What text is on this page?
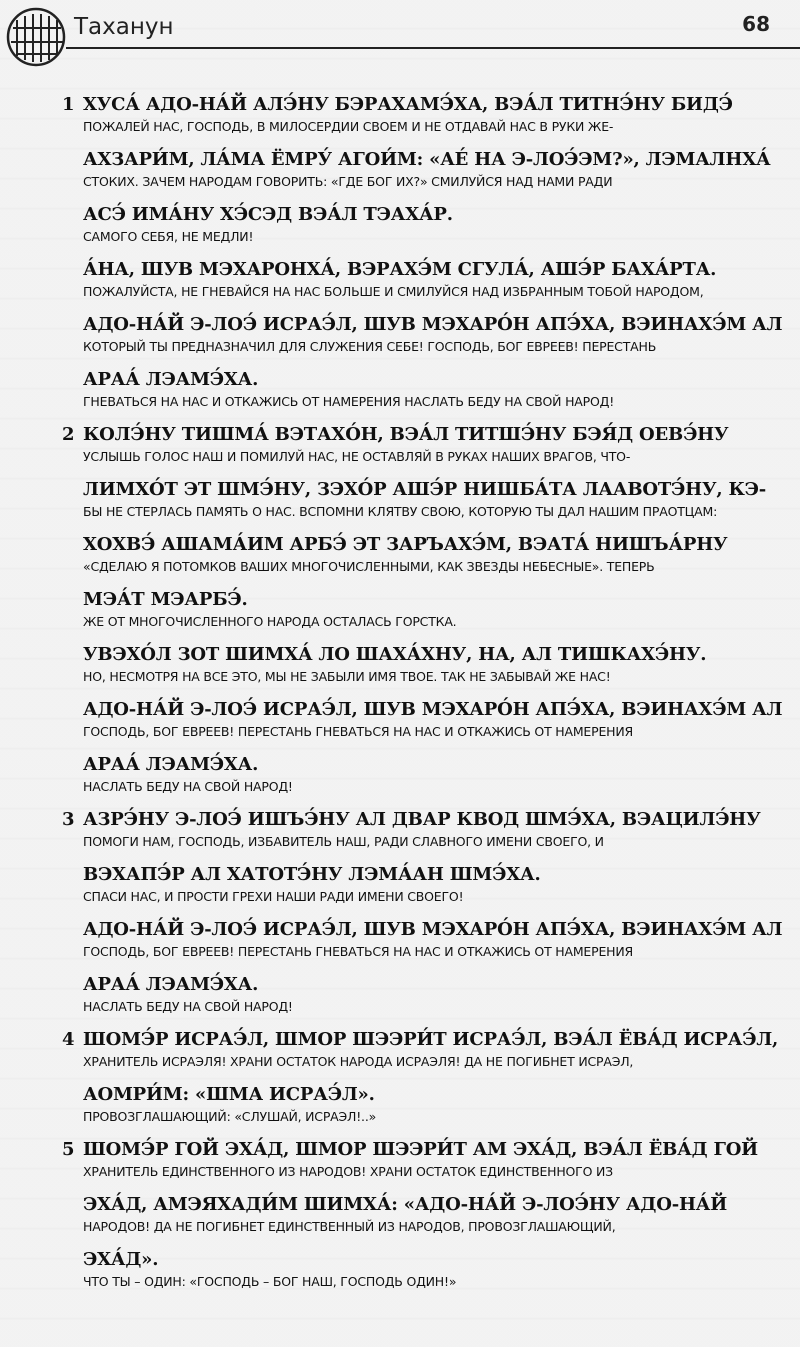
Таханун	68
1 ХУСА́ АДО-НА́Й АЛЭ́НУ БЭРАХАМЭ́ХА, ВЭА́Л ТИТНЭ́НУ БИДЭ́
ПОЖАЛЕЙ НАС, ГОСПОДЬ, В МИЛОСЕРДИИ СВОЕМ И НЕ ОТДАВАЙ НАС В РУКИ ЖЕ-
АХЗАРИ́М, ЛА́МА ЁМРУ́ АГОИ́М: «АЕ́ НА Э-ЛОЭ́ЭМ?», ЛЭМАЛНХА́
СТОКИХ. ЗАЧЕМ НАРОДАМ ГОВОРИТЬ: «ГДЕ БОГ ИХ?» СМИЛУЙСЯ НАД НАМИ РАДИ
АСЭ́ ИМА́НУ ХЭ́СЭД ВЭА́Л ТЭАХА́Р.
САМОГО СЕБЯ, НЕ МЕДЛИ!
А́НА, ШУВ МЭХАРОНХА́, ВЭРАХЭ́М СГУЛА́, АШЭ́Р БАХА́РТА.
ПОЖАЛУЙСТА, НЕ ГНЕВАЙСЯ НА НАС БОЛЬШЕ И СМИЛУЙСЯ НАД ИЗБРАННЫМ ТОБОЙ НАРОДОМ,
АДО-НА́Й Э-ЛОЭ́ ИСРАЭ́Л, ШУВ МЭХАРО́Н АПЭ́ХА, ВЭИНАХЭ́М АЛ
КОТОРЫЙ ТЫ ПРЕДНАЗНАЧИЛ ДЛЯ СЛУЖЕНИЯ СЕБЕ! ГОСПОДЬ, БОГ ЕВРЕЕВ! ПЕРЕСТАНЬ
АРАА́ ЛЭАМЭ́ХА.
ГНЕВАТЬСЯ НА НАС И ОТКАЖИСЬ ОТ НАМЕРЕНИЯ НАСЛАТЬ БЕДУ НА СВОЙ НАРОД!
2 КОЛЭ́НУ ТИШМА́ ВЭТАХО́Н, ВЭА́Л ТИТШЭ́НУ БЭЯ́Д ОЕВЭ́НУ
УСЛЫШЬ ГОЛОС НАШ И ПОМИЛУЙ НАС, НЕ ОСТАВЛЯЙ В РУКАХ НАШИХ ВРАГОВ, ЧТО-
ЛИМХО́Т ЭТ ШМЭ́НУ, ЗЭХО́Р АШЭ́Р НИШБА́ТА ЛААВОТЭ́НУ, КЭ-
БЫ НЕ СТЕРЛАСЬ ПАМЯТЬ О НАС. ВСПОМНИ КЛЯТВУ СВОЮ, КОТОРУЮ ТЫ ДАЛ НАШИМ ПРАОТЦАМ:
ХОХВЭ́ АШАМА́ИМ АРБЭ́ ЭТ ЗАРЪАХЭ́М, ВЭАТА́ НИШЪА́РНУ
«СДЕЛАЮ Я ПОТОМКОВ ВАШИХ МНОГОЧИСЛЕННЫМИ, КАК ЗВЕЗДЫ НЕБЕСНЫЕ». ТЕПЕРЬ
МЭА́Т МЭАРБЭ́.
ЖЕ ОТ МНОГОЧИСЛЕННОГО НАРОДА ОСТАЛАСЬ ГОРСТКА.
УВЭХО́Л ЗОТ ШИМХА́ ЛО ШАХА́ХНУ, НА, АЛ ТИШКАХЭ́НУ.
НО, НЕСМОТРЯ НА ВСЕ ЭТО, МЫ НЕ ЗАБЫЛИ ИМЯ ТВОЕ. ТАК НЕ ЗАБЫВАЙ ЖЕ НАС!
АДО-НА́Й Э-ЛОЭ́ ИСРАЭ́Л, ШУВ МЭХАРО́Н АПЭ́ХА, ВЭИНАХЭ́М АЛ
ГОСПОДЬ, БОГ ЕВРЕЕВ! ПЕРЕСТАНЬ ГНЕВАТЬСЯ НА НАС И ОТКАЖИСЬ ОТ НАМЕРЕНИЯ
АРАА́ ЛЭАМЭ́ХА.
НАСЛАТЬ БЕДУ НА СВОЙ НАРОД!
3 АЗРЭ́НУ Э-ЛОЭ́ ИШЪЭ́НУ АЛ ДВАР КВОД ШМЭ́ХА, ВЭАЦИЛЭ́НУ
ПОМОГИ НАМ, ГОСПОДЬ, ИЗБАВИТЕЛЬ НАШ, РАДИ СЛАВНОГО ИМЕНИ СВОЕГО, И
ВЭХАПЭ́Р АЛ ХАТОТЭ́НУ ЛЭМА́АН ШМЭ́ХА.
СПАСИ НАС, И ПРОСТИ ГРЕХИ НАШИ РАДИ ИМЕНИ СВОЕГО!
АДО-НА́Й Э-ЛОЭ́ ИСРАЭ́Л, ШУВ МЭХАРО́Н АПЭ́ХА, ВЭИНАХЭ́М АЛ
ГОСПОДЬ, БОГ ЕВРЕЕВ! ПЕРЕСТАНЬ ГНЕВАТЬСЯ НА НАС И ОТКАЖИСЬ ОТ НАМЕРЕНИЯ
АРАА́ ЛЭАМЭ́ХА.
НАСЛАТЬ БЕДУ НА СВОЙ НАРОД!
4 ШОМЭ́Р ИСРАЭ́Л, ШМОР ШЭЭРИ́Т ИСРАЭ́Л, ВЭА́Л ЁВА́Д ИСРАЭ́Л,
ХРАНИТЕЛЬ ИСРАЭЛЯ! ХРАНИ ОСТАТОК НАРОДА ИСРАЭЛЯ! ДА НЕ ПОГИБНЕТ ИСРАЭЛ,
АОМРИ́М: «ШМА ИСРАЭ́Л».
ПРОВОЗГЛАШАЮЩИЙ: «СЛУШАЙ, ИСРАЭЛ!..»
5 ШОМЭ́Р ГОЙ ЭХА́Д, ШМОР ШЭЭРИ́Т АМ ЭХА́Д, ВЭА́Л ЁВА́Д ГОЙ
ХРАНИТЕЛЬ ЕДИНСТВЕННОГО ИЗ НАРОДОВ! ХРАНИ ОСТАТОК ЕДИНСТВЕННОГО ИЗ
ЭХА́Д, АМЭЯХАДИ́М ШИМХА́: «АДО-НА́Й Э-ЛОЭ́НУ АДО-НА́Й
НАРОДОВ! ДА НЕ ПОГИБНЕТ ЕДИНСТВЕННЫЙ ИЗ НАРОДОВ, ПРОВОЗГЛАШАЮЩИЙ,
ЭХА́Д».
ЧТО ТЫ – ОДИН: «ГОСПОДЬ – БОГ НАШ, ГОСПОДЬ ОДИН!»
